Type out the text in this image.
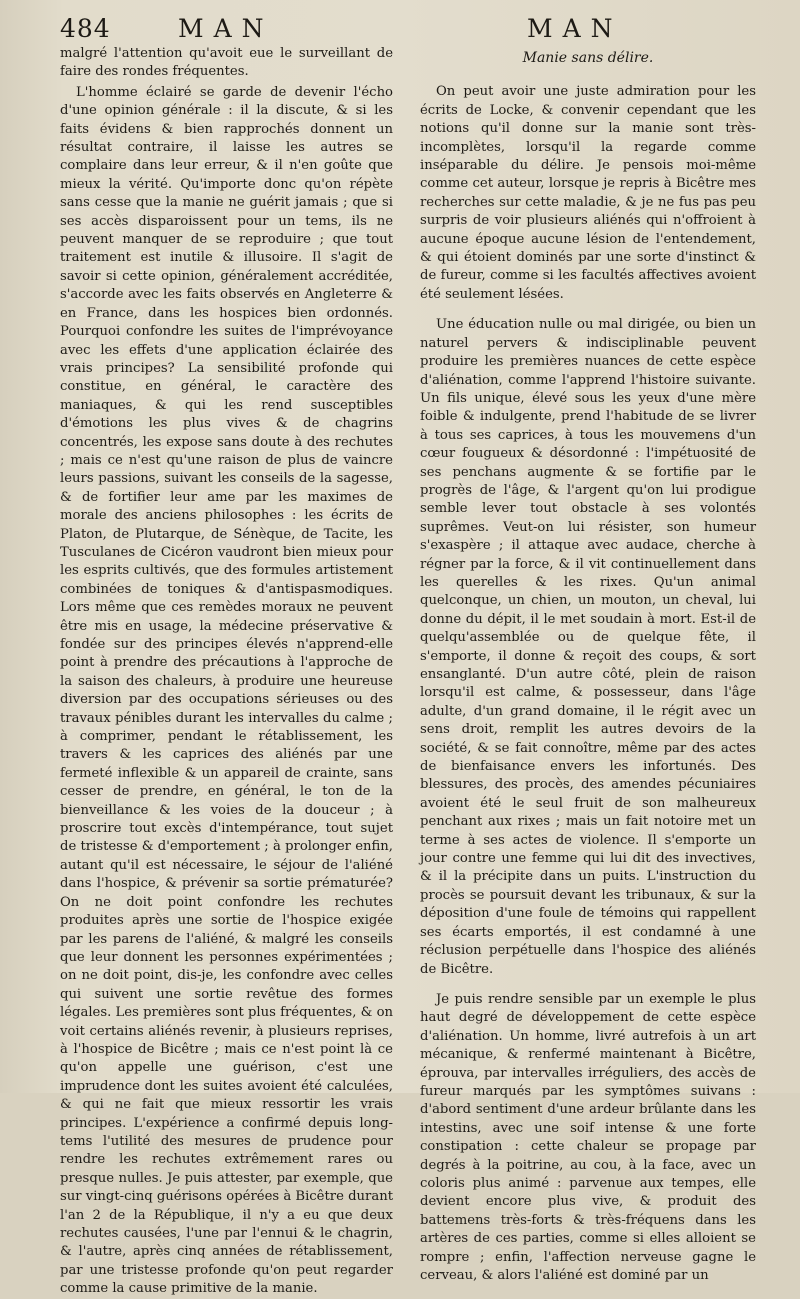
484	MAN	MAN

malgré l'attention qu'avoit eue le surveillant de faire des rondes fréquentes.

L'homme éclairé se garde de devenir l'écho d'une opinion générale : il la discute, & si les faits évidens & bien rapprochés donnent un résultat contraire, il laisse les autres se complaire dans leur erreur, & il n'en goûte que mieux la vérité. Qu'importe donc qu'on répète sans cesse que la manie ne guérit jamais ; que si ses accès disparoissent pour un tems, ils ne peuvent manquer de se reproduire ; que tout traitement est inutile & illusoire. Il s'agit de savoir si cette opinion, généralement accréditée, s'accorde avec les faits observés en Angleterre & en France, dans les hospices bien ordonnés. Pourquoi confondre les suites de l'imprévoyance avec les effets d'une application éclairée des vrais principes? La sensibilité profonde qui constitue, en général, le caractère des maniaques, & qui les rend susceptibles d'émotions les plus vives & de chagrins concentrés, les expose sans doute à des rechutes ; mais ce n'est qu'une raison de plus de vaincre leurs passions, suivant les conseils de la sagesse, & de fortifier leur ame par les maximes de morale des anciens philosophes : les écrits de Platon, de Plutarque, de Sénèque, de Tacite, les Tusculanes de Cicéron vaudront bien mieux pour les esprits cultivés, que des formules artistement combinées de toniques & d'antispasmodiques. Lors même que ces remèdes moraux ne peuvent être mis en usage, la médecine préservative & fondée sur des principes élevés n'apprend-elle point à prendre des précautions à l'approche de la saison des chaleurs, à produire une heureuse diversion par des occupations sérieuses ou des travaux pénibles durant les intervalles du calme ; à comprimer, pendant le rétablissement, les travers & les caprices des aliénés par une fermeté inflexible & un appareil de crainte, sans cesser de prendre, en général, le ton de la bienveillance & les voies de la douceur ; à proscrire tout excès d'intempérance, tout sujet de tristesse & d'emportement ; à prolonger enfin, autant qu'il est nécessaire, le séjour de l'aliéné dans l'hospice, & prévenir sa sortie prématurée? On ne doit point confondre les rechutes produites après une sortie de l'hospice exigée par les parens de l'aliéné, & malgré les conseils que leur donnent les personnes expérimentées ; on ne doit point, dis-je, les confondre avec celles qui suivent une sortie revêtue des formes légales. Les premières sont plus fréquentes, & on voit certains aliénés revenir, à plusieurs reprises, à l'hospice de Bicêtre ; mais ce n'est point là ce qu'on appelle une guérison, c'est une imprudence dont les suites avoient été calculées, & qui ne fait que mieux ressortir les vrais principes. L'expérience a confirmé depuis long-tems l'utilité des mesures de prudence pour rendre les rechutes extrêmement rares ou presque nulles. Je puis attester, par exemple, que sur vingt-cinq guérisons opérées à Bicêtre durant l'an 2 de la République, il n'y a eu que deux rechutes causées, l'une par l'ennui & le chagrin, & l'autre, après cinq années de rétablissement, par une tristesse profonde qu'on peut regarder comme la cause primitive de la manie.

Manie sans délire.

On peut avoir une juste admiration pour les écrits de Locke, & convenir cependant que les notions qu'il donne sur la manie sont très-incomplètes, lorsqu'il la regarde comme inséparable du délire. Je pensois moi-même comme cet auteur, lorsque je repris à Bicêtre mes recherches sur cette maladie, & je ne fus pas peu surpris de voir plusieurs aliénés qui n'offroient à aucune époque aucune lésion de l'entendement, & qui étoient dominés par une sorte d'instinct & de fureur, comme si les facultés affectives avoient été seulement lésées.

Une éducation nulle ou mal dirigée, ou bien un naturel pervers & indisciplinable peuvent produire les premières nuances de cette espèce d'aliénation, comme l'apprend l'histoire suivante. Un fils unique, élevé sous les yeux d'une mère foible & indulgente, prend l'habitude de se livrer à tous ses caprices, à tous les mouvemens d'un cœur fougueux & désordonné : l'impétuosité de ses penchans augmente & se fortifie par le progrès de l'âge, & l'argent qu'on lui prodigue semble lever tout obstacle à ses volontés suprêmes. Veut-on lui résister, son humeur s'exaspère ; il attaque avec audace, cherche à régner par la force, & il vit continuellement dans les querelles & les rixes. Qu'un animal quelconque, un chien, un mouton, un cheval, lui donne du dépit, il le met soudain à mort. Est-il de quelqu'assemblée ou de quelque fête, il s'emporte, il donne & reçoit des coups, & sort ensanglanté. D'un autre côté, plein de raison lorsqu'il est calme, & possesseur, dans l'âge adulte, d'un grand domaine, il le régit avec un sens droit, remplit les autres devoirs de la société, & se fait connoître, même par des actes de bienfaisance envers les infortunés. Des blessures, des procès, des amendes pécuniaires avoient été le seul fruit de son malheureux penchant aux rixes ; mais un fait notoire met un terme à ses actes de violence. Il s'emporte un jour contre une femme qui lui dit des invectives, & il la précipite dans un puits. L'instruction du procès se poursuit devant les tribunaux, & sur la déposition d'une foule de témoins qui rappellent ses écarts emportés, il est condamné à une réclusion perpétuelle dans l'hospice des aliénés de Bicêtre.

Je puis rendre sensible par un exemple le plus haut degré de développement de cette espèce d'aliénation. Un homme, livré autrefois à un art mécanique, & renfermé maintenant à Bicêtre, éprouva, par intervalles irréguliers, des accès de fureur marqués par les symptômes suivans : d'abord sentiment d'une ardeur brûlante dans les intestins, avec une soif intense & une forte constipation : cette chaleur se propage par degrés à la poitrine, au cou, à la face, avec un coloris plus animé : parvenue aux tempes, elle devient encore plus vive, & produit des battemens très-forts & très-fréquens dans les artères de ces parties, comme si elles alloient se rompre ; enfin, l'affection nerveuse gagne le cerveau, & alors l'aliéné est dominé par un
